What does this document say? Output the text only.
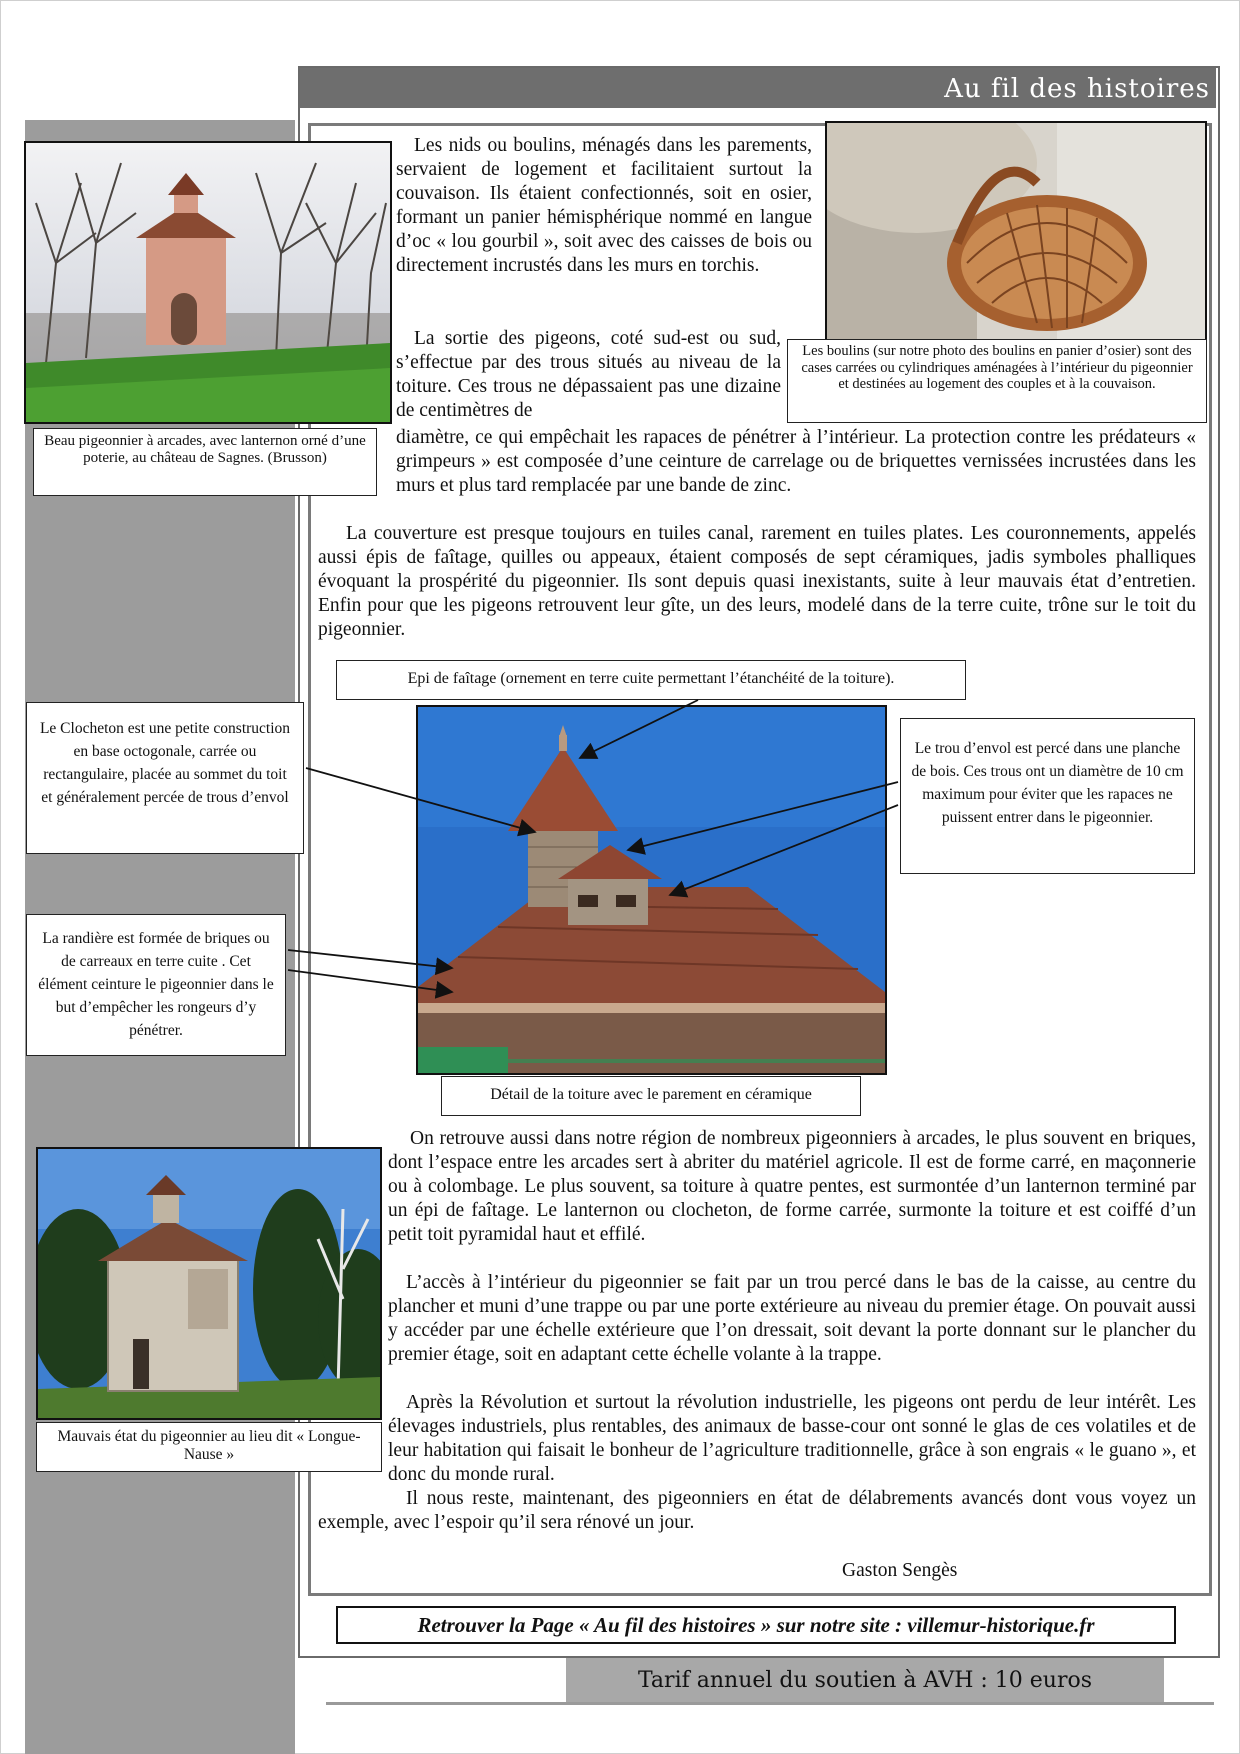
Au fil des histoires
Beau pigeonnier à arcades, avec lanternon orné d’une poterie, au château de Sagnes. (Brusson)
Les boulins (sur notre photo des boulins en panier d’osier) sont des cases carrées ou cylindriques aménagées à l’intérieur du pigeonnier et destinées au logement des couples et à la couvaison.
Les nids ou boulins, ménagés dans les parements, servaient de logement et facilitaient surtout la couvaison. Ils étaient confectionnés, soit en osier, formant un panier hémisphérique nommé en langue d’oc « lou gourbil », soit avec des caisses de bois ou directement incrustés dans les murs en torchis.
La sortie des pigeons, coté sud-est ou sud, s’effectue par des trous situés au niveau de la toiture. Ces trous ne dépassaient pas une dizaine de centimètres de
diamètre, ce qui empêchait les rapaces de pénétrer à l’intérieur. La protection contre les prédateurs « grimpeurs » est composée d’une ceinture de carrelage ou de briquettes vernissées incrustées dans les murs et plus tard remplacée par une bande de zinc.
La couverture est presque toujours en tuiles canal, rarement en tuiles plates. Les couronnements, appelés aussi épis de faîtage, quilles ou appeaux, étaient composés de sept céramiques, jadis symboles phalliques évoquant la prospérité du pigeonnier. Ils sont depuis quasi inexistants, suite à leur mauvais état d’entretien. Enfin pour que les pigeons retrouvent leur gîte, un des leurs, modelé dans de la terre cuite, trône sur le toit du pigeonnier.
Epi de faîtage (ornement en terre cuite permettant l’étanchéité de la toiture).
Détail de la toiture avec le parement en céramique
Le Clocheton est une petite construction en base octogonale, carrée ou rectangulaire, placée au sommet du toit et généralement percée de trous d’envol
La randière est formée de briques ou de carreaux en terre cuite . Cet élément ceinture le pigeonnier dans le but d’empêcher les rongeurs d’y pénétrer.
Le trou d’envol est percé dans une planche de bois. Ces trous ont un diamètre de 10 cm maximum pour éviter que les rapaces ne puissent entrer dans le pigeonnier.
Mauvais état du pigeonnier au lieu dit « Longue-Nause »
On retrouve aussi dans notre région de nombreux pigeonniers à arcades, le plus souvent en briques, dont l’espace entre les arcades sert à abriter du matériel agricole. Il est de forme carré, en maçonnerie ou à colombage. Le plus souvent, sa toiture à quatre pentes, est surmontée d’un lanternon terminé par un épi de faîtage. Le lanternon ou clocheton, de forme carrée, surmonte la toiture et est coiffé d’un petit toit pyramidal haut et effilé.
L’accès à l’intérieur du pigeonnier se fait par un trou percé dans le bas de la caisse, au centre du plancher et muni d’une trappe ou par une porte extérieure au niveau du premier étage. On pouvait aussi y accéder par une échelle extérieure que l’on dressait, soit devant la porte donnant sur le plancher du premier étage, soit en adaptant cette échelle volante à la trappe.
Après la Révolution et surtout la révolution industrielle, les pigeons ont perdu de leur intérêt. Les élevages industriels, plus rentables, des animaux de basse-cour ont sonné le glas de ces volatiles et de leur habitation qui faisait le bonheur de l’agriculture traditionnelle, grâce à son engrais « le guano », et donc du monde rural.
Il nous reste, maintenant, des pigeonniers en état de délabrements avancés dont vous voyez un exemple, avec l’espoir qu’il sera rénové un jour.
Gaston Sengès
Retrouver la Page « Au fil des histoires » sur notre site : villemur-historique.fr
Tarif annuel du soutien à AVH : 10 euros
